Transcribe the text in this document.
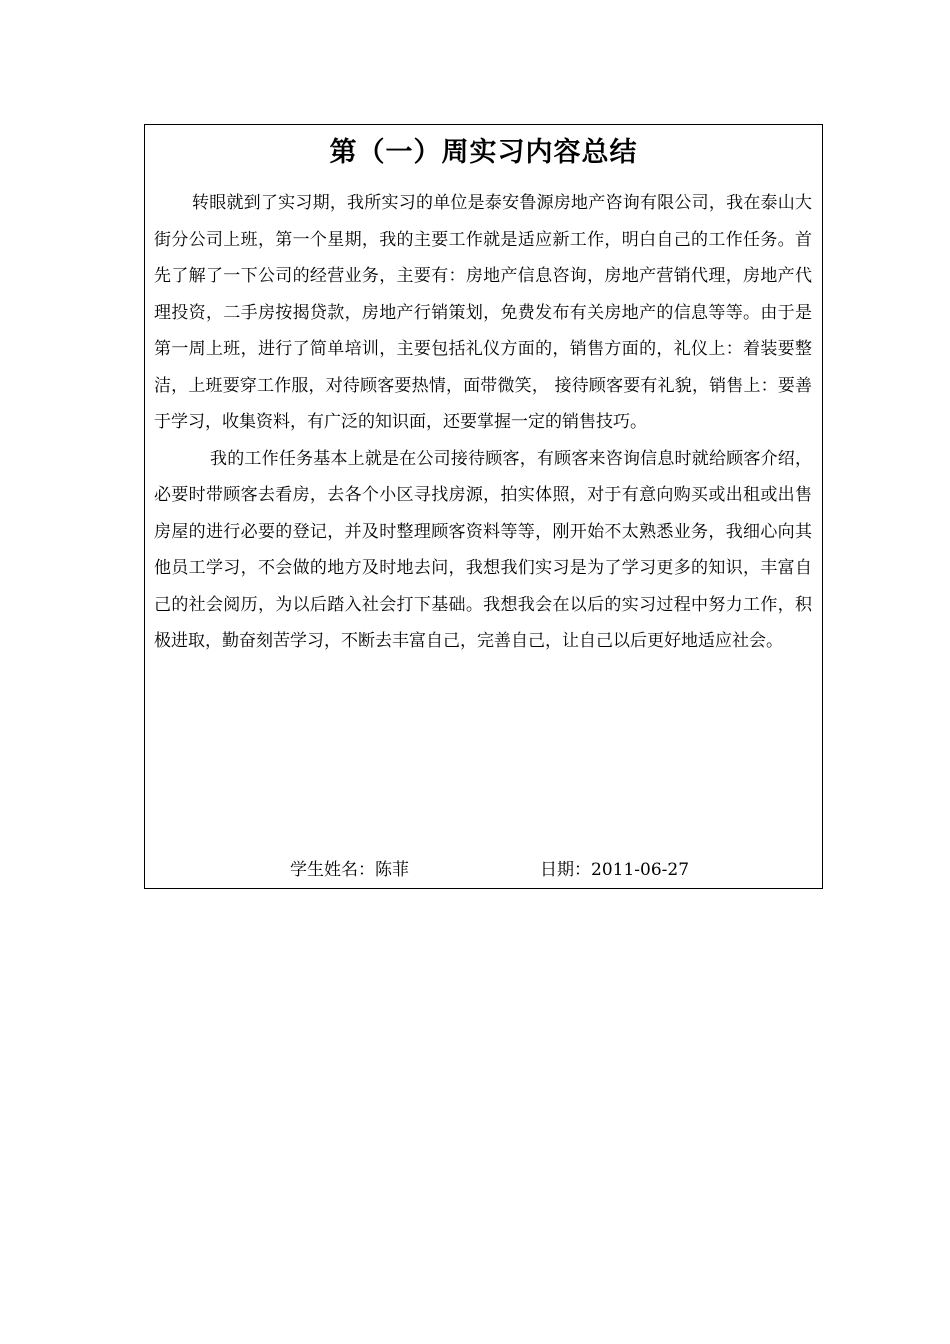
第（一）周实习内容总结

转眼就到了实习期，我所实习的单位是泰安鲁源房地产咨询有限公司，我在泰山大街分公司上班，第一个星期，我的主要工作就是适应新工作，明白自己的工作任务。首先了解了一下公司的经营业务，主要有：房地产信息咨询，房地产营销代理，房地产代理投资，二手房按揭贷款，房地产行销策划，免费发布有关房地产的信息等等。由于是第一周上班，进行了简单培训，主要包括礼仪方面的，销售方面的，礼仪上：着装要整洁，上班要穿工作服，对待顾客要热情，面带微笑， 接待顾客要有礼貌，销售上：要善于学习，收集资料，有广泛的知识面，还要掌握一定的销售技巧。

我的工作任务基本上就是在公司接待顾客，有顾客来咨询信息时就给顾客介绍，必要时带顾客去看房，去各个小区寻找房源，拍实体照，对于有意向购买或出租或出售房屋的进行必要的登记，并及时整理顾客资料等等，刚开始不太熟悉业务，我细心向其他员工学习，不会做的地方及时地去问，我想我们实习是为了学习更多的知识，丰富自己的社会阅历，为以后踏入社会打下基础。我想我会在以后的实习过程中努力工作，积极进取，勤奋刻苦学习，不断去丰富自己，完善自己，让自己以后更好地适应社会。

学生姓名：陈菲	日期：2011-06-27
